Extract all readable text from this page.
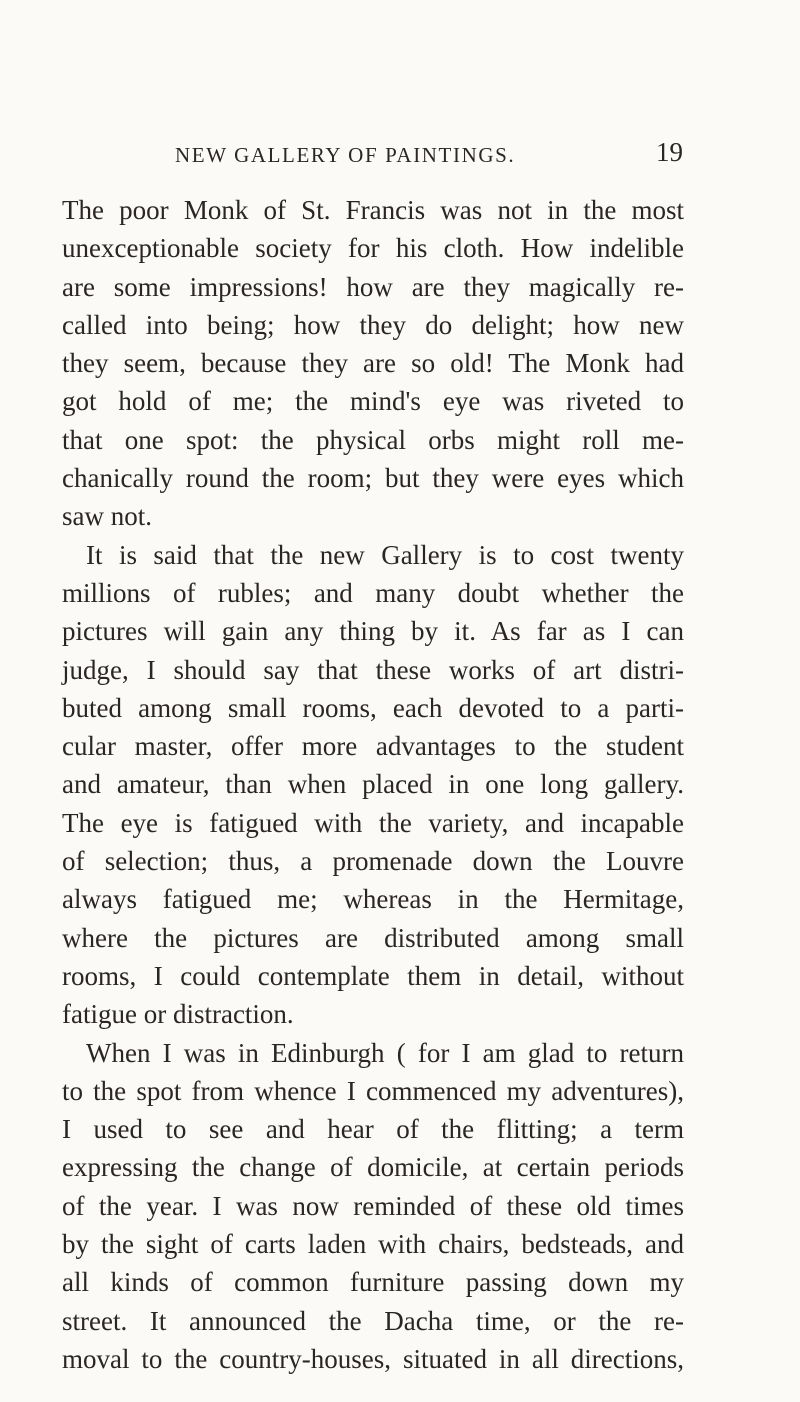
NEW GALLERY OF PAINTINGS.	19
The poor Monk of St. Francis was not in the most
unexceptionable society for his cloth. How indelible
are some impressions! how are they magically re-
called into being; how they do delight; how new
they seem, because they are so old! The Monk had
got hold of me; the mind's eye was riveted to
that one spot: the physical orbs might roll me-
chanically round the room; but they were eyes which
saw not.
It is said that the new Gallery is to cost twenty
millions of rubles; and many doubt whether the
pictures will gain any thing by it. As far as I can
judge, I should say that these works of art distri-
buted among small rooms, each devoted to a parti-
cular master, offer more advantages to the student
and amateur, than when placed in one long gallery.
The eye is fatigued with the variety, and incapable
of selection; thus, a promenade down the Louvre
always fatigued me; whereas in the Hermitage,
where the pictures are distributed among small
rooms, I could contemplate them in detail, without
fatigue or distraction.
When I was in Edinburgh ( for I am glad to return
to the spot from whence I commenced my adventures),
I used to see and hear of the flitting; a term
expressing the change of domicile, at certain periods
of the year. I was now reminded of these old times
by the sight of carts laden with chairs, bedsteads, and
all kinds of common furniture passing down my
street. It announced the Dacha time, or the re-
moval to the country-houses, situated in all directions,
